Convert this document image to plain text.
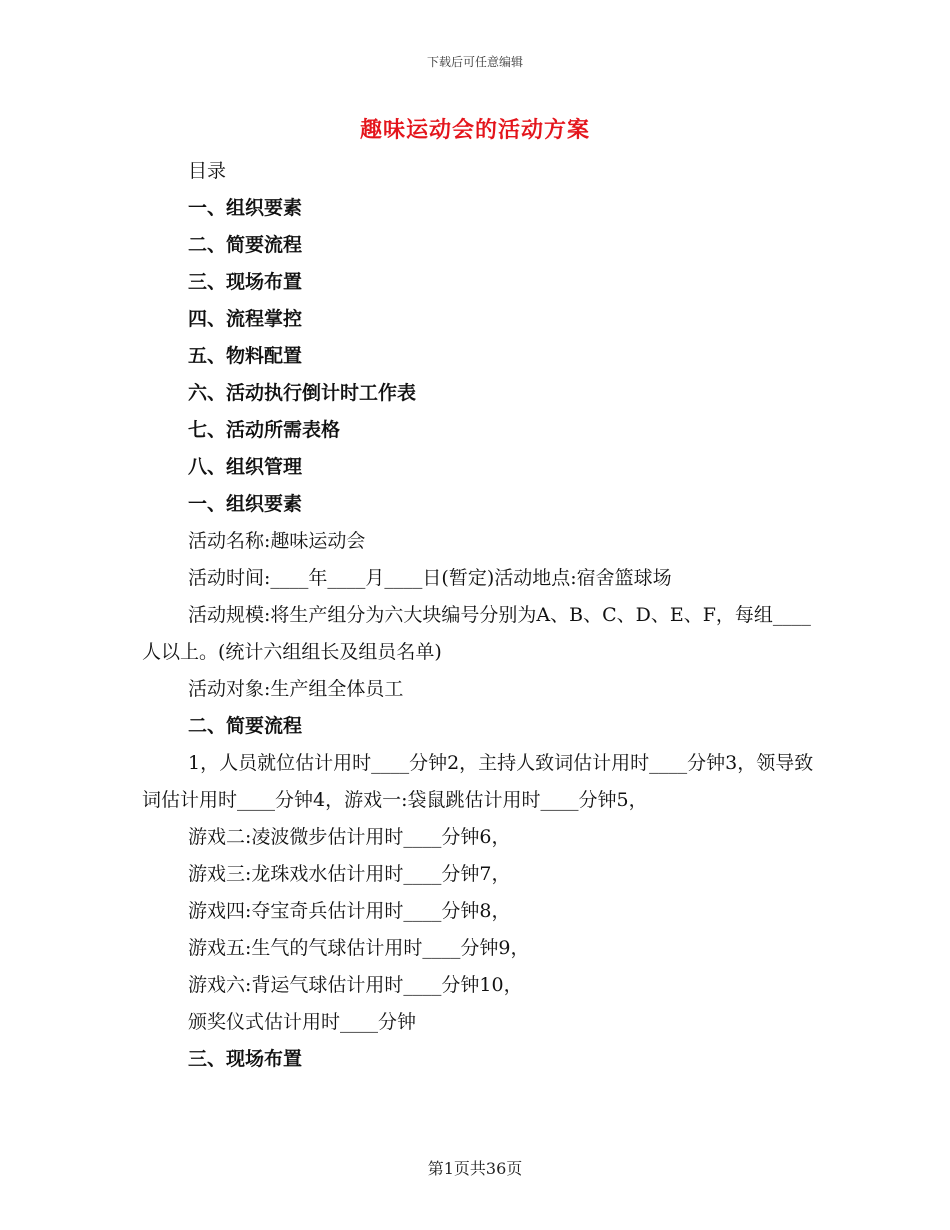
下载后可任意编辑
趣味运动会的活动方案
目录
一、组织要素
二、简要流程
三、现场布置
四、流程掌控
五、物料配置
六、活动执行倒计时工作表
七、活动所需表格
八、组织管理
一、组织要素
活动名称:趣味运动会
活动时间:____年____月____日(暂定)活动地点:宿舍篮球场
活动规模:将生产组分为六大块编号分别为A、B、C、D、E、F，每组____人以上。(统计六组组长及组员名单)
活动对象:生产组全体员工
二、简要流程
1，人员就位估计用时____分钟2，主持人致词估计用时____分钟3，领导致词估计用时____分钟4，游戏一:袋鼠跳估计用时____分钟5，
游戏二:凌波微步估计用时____分钟6，
游戏三:龙珠戏水估计用时____分钟7，
游戏四:夺宝奇兵估计用时____分钟8，
游戏五:生气的气球估计用时____分钟9，
游戏六:背运气球估计用时____分钟10，
颁奖仪式估计用时____分钟
三、现场布置
第1页共36页
